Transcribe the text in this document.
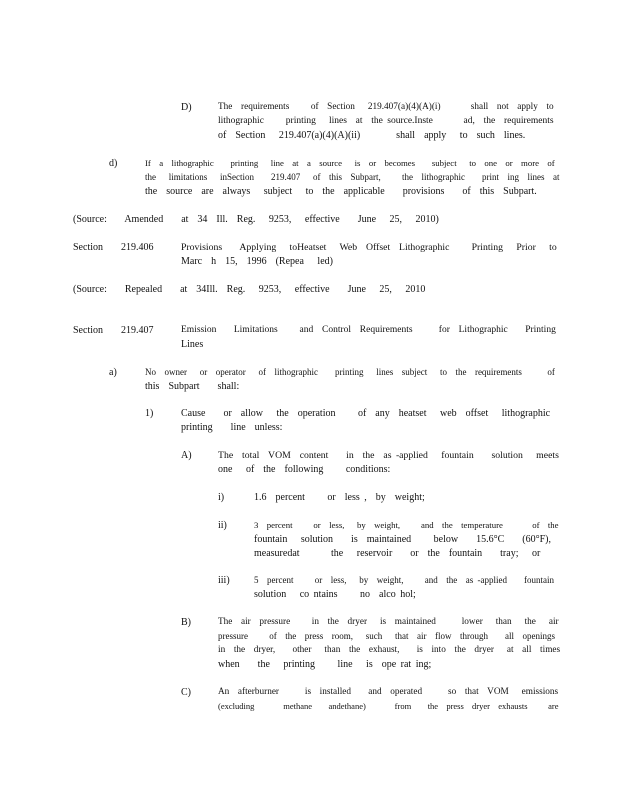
D)	The  requirements     of  Section   219.407(a)(4)(A)(i)       shall  not  apply  to
lithographic     printing   lines  at  the source.Inste       ad,  the  requirements
of  Section   219.407(a)(4)(A)(ii)        shall  apply   to  such  lines.
d)	If  a  lithographic    printing   line  at  a  source   is  or  becomes    subject   to  one  or  more  of
the   limitations   inSection    219.407   of  this  Subpart,     the  lithographic    print  ing  lines  at
the  source  are  always   subject   to  the  applicable    provisions    of  this  Subpart.
(Source:    Amended    at  34  Ill.  Reg.   9253,   effective    June   25,   2010)
Section    219.406	Provisions    Applying   toHeatset   Web  Offset  Lithographic     Printing   Prior   to
Marc  h  15,  1996  (Repea   led)
(Source:    Repealed    at  34Ill.  Reg.   9253,   effective    June   25,   2010
Section    219.407	Emission    Limitations     and  Control  Requirements      for  Lithographic    Printing
Lines
a)	No  owner   or  operator   of  lithographic    printing   lines  subject   to  the  requirements      of
this  Subpart    shall:
1)	Cause    or  allow   the  operation     of  any  heatset   web  offset   lithographic
printing    line  unless:
A)	The  total  VOM  content    in  the  as -applied   fountain    solution   meets
one   of  the  following     conditions:
i)	1.6  percent     or  less ,  by  weight;
ii)	3  percent     or  less,   by  weight,     and  the  temperature       of  the
fountain   solution    is  maintained     below    15.6°C    (60°F),
measuredat       the   reservoir    or  the  fountain    tray;   or
iii)	5  percent     or  less,   by  weight,     and  the  as -applied    fountain
solution   co ntains     no  alco hol;
B)	The  air  pressure     in  the  dryer   is  maintained      lower   than   the   air
pressure     of  the  press  room,   such   that  air  flow  through    all  openings
in  the  dryer,    other   than  the  exhaust,    is  into  the  dryer   at  all  times
when    the   printing     line   is  ope rat ing;
C)	An  afterburner      is  installed    and  operated      so  that  VOM   emissions
(excluding       methane    andethane)       from    the  press  dryer  exhausts     are
